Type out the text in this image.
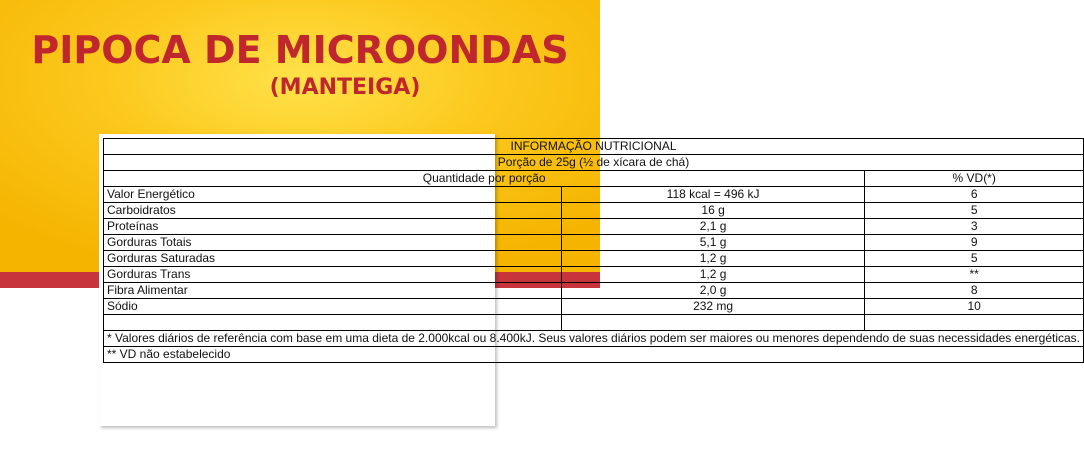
PIPOCA DE MICROONDAS
(MANTEIGA)
INFORMAÇÃO NUTRICIONAL		
Porção de 25g (½ de xícara de chá)		
Quantidade por porção		% VD(*)
Valor Energético	118 kcal = 496 kJ	6
Carboidratos	16 g	5
Proteínas	2,1 g	3
Gorduras Totais	5,1 g	9
Gorduras Saturadas	1,2 g	5
Gorduras Trans	1,2 g	**
Fibra Alimentar	2,0 g	8
Sódio	232 mg	10

* Valores diários de referência com base em uma dieta de 2.000kcal ou 8.400kJ. Seus valores diários podem ser maiores ou menores dependendo de suas necessidades energéticas.		
** VD não estabelecido		
